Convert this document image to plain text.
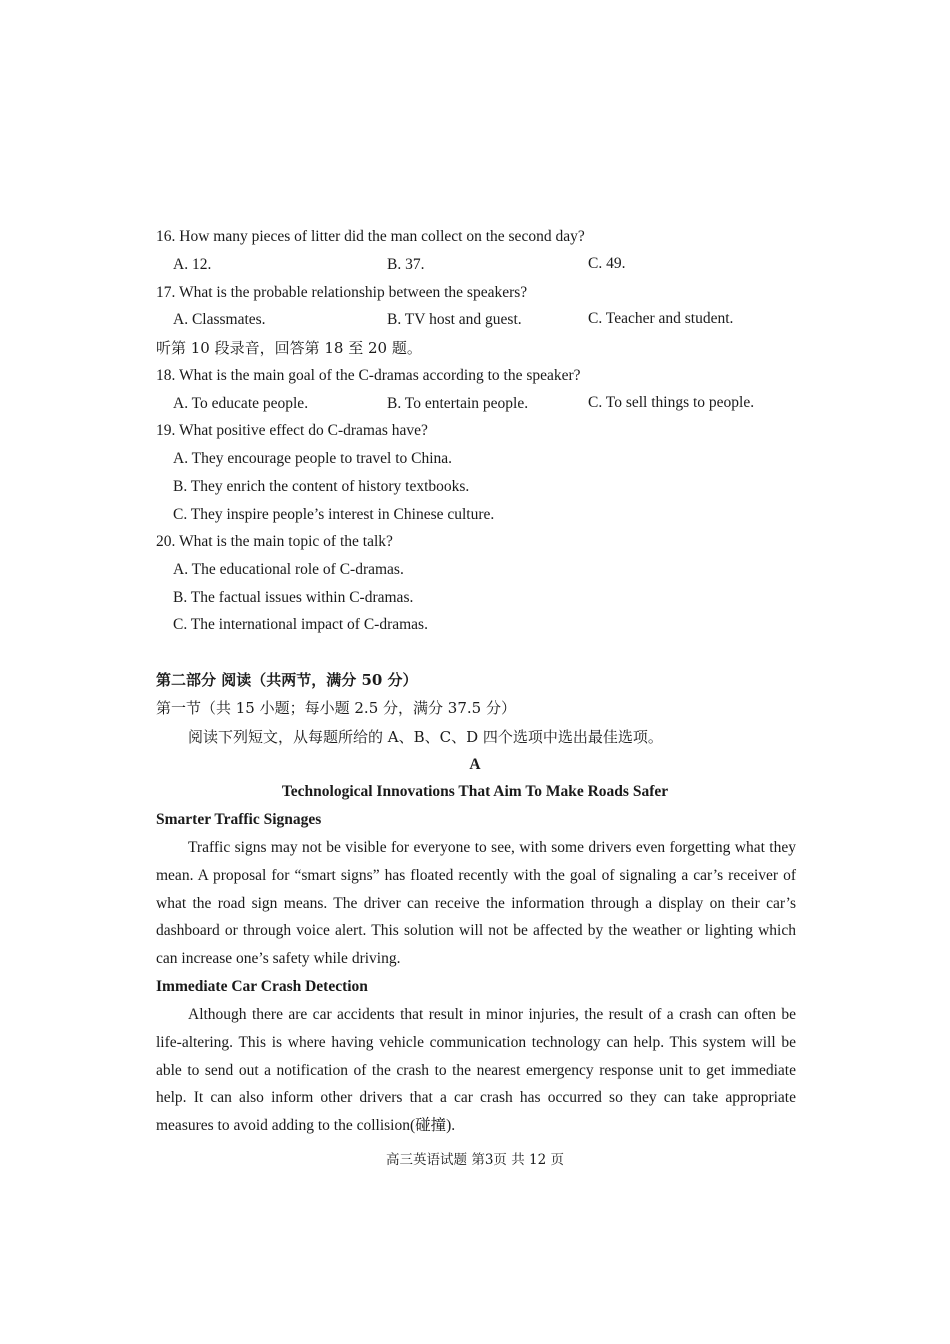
16. How many pieces of litter did the man collect on the second day?
A. 12.	B. 37.	C. 49.
17. What is the probable relationship between the speakers?
A. Classmates.	B. TV host and guest.	C. Teacher and student.
听第 10 段录音，回答第 18 至 20 题。
18. What is the main goal of the C-dramas according to the speaker?
A. To educate people.	B. To entertain people.	C. To sell things to people.
19. What positive effect do C-dramas have?
A. They encourage people to travel to China.
B. They enrich the content of history textbooks.
C. They inspire people’s interest in Chinese culture.
20. What is the main topic of the talk?
A. The educational role of C-dramas.
B. The factual issues within C-dramas.
C. The international impact of C-dramas.
第二部分 阅读（共两节，满分 50 分）
第一节（共 15 小题；每小题 2.5 分，满分 37.5 分）
阅读下列短文，从每题所给的 A、B、C、D 四个选项中选出最佳选项。
A
Technological Innovations That Aim To Make Roads Safer
Smarter Traffic Signages

Traffic signs may not be visible for everyone to see, with some drivers even forgetting what they mean. A proposal for “smart signs” has floated recently with the goal of signaling a car’s receiver of what the road sign means. The driver can receive the information through a display on their car’s dashboard or through voice alert. This solution will not be affected by the weather or lighting which can increase one’s safety while driving.

Immediate Car Crash Detection

Although there are car accidents that result in minor injuries, the result of a crash can often be life-altering. This is where having vehicle communication technology can help. This system will be able to send out a notification of the crash to the nearest emergency response unit to get immediate help. It can also inform other drivers that a car crash has occurred so they can take appropriate measures to avoid adding to the collision(碰撞).

高三英语试题 第3页 共 12 页
